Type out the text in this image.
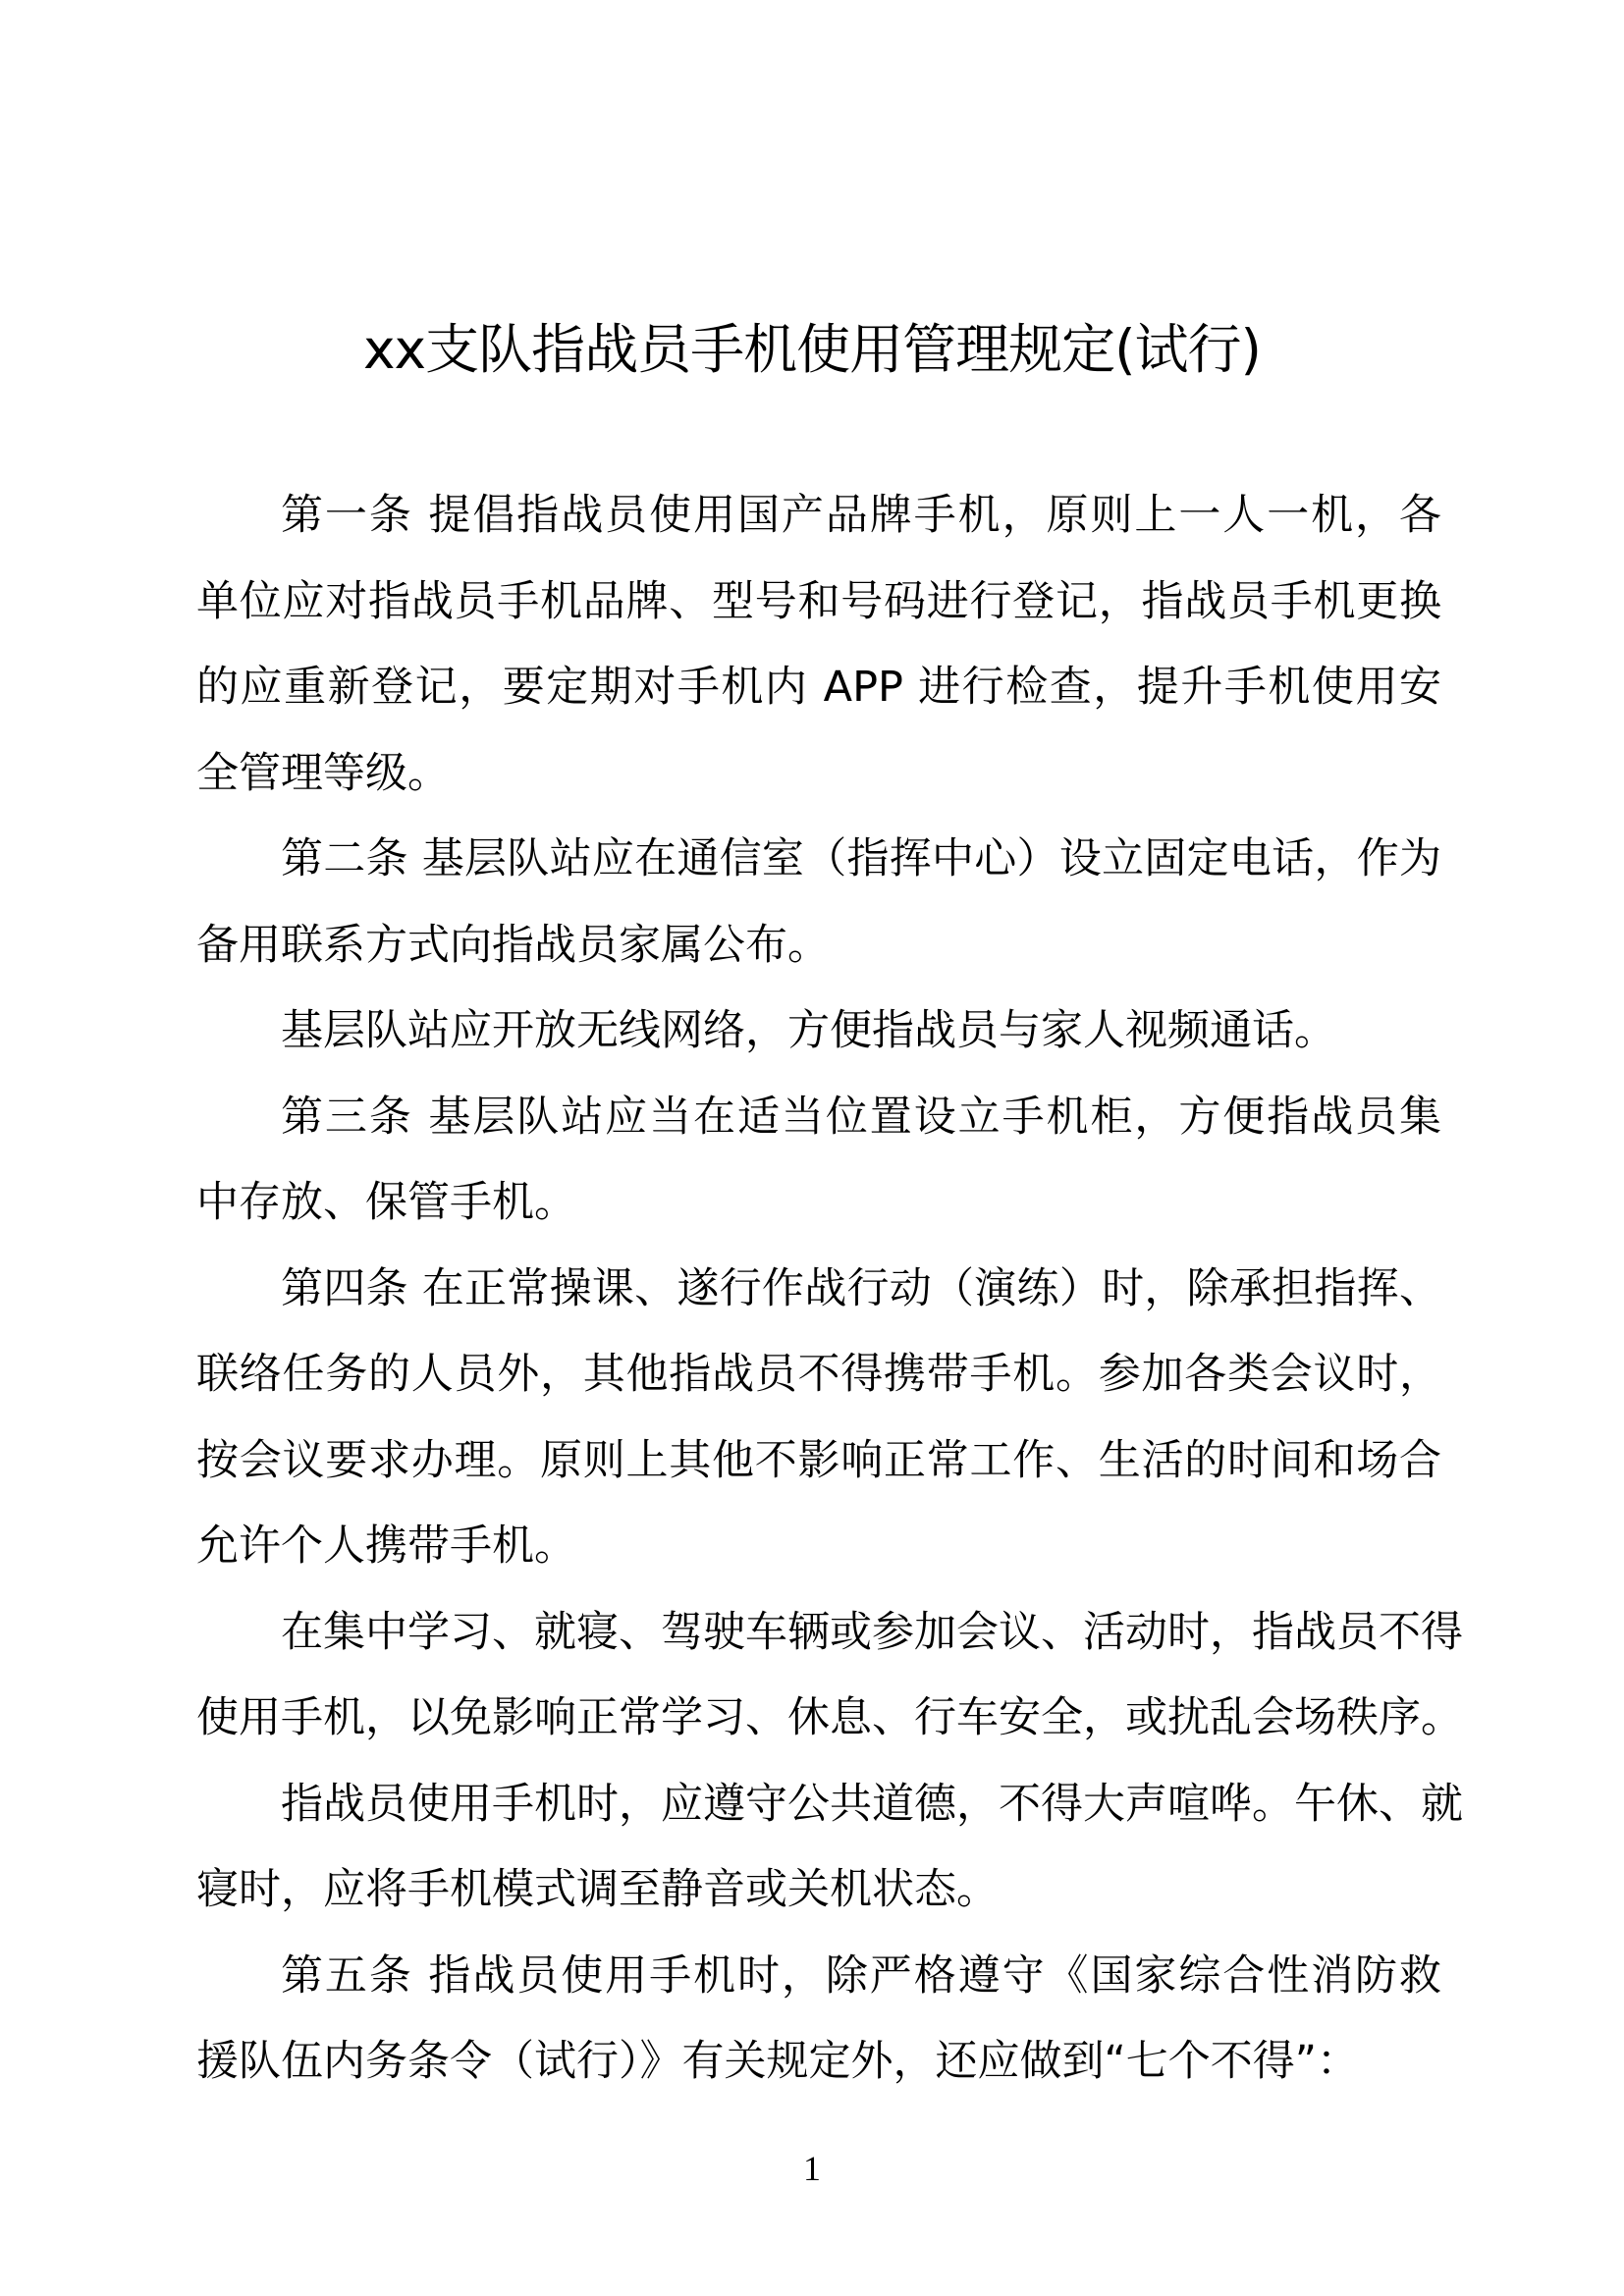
xx支队指战员手机使用管理规定(试行)
第一条 提倡指战员使用国产品牌手机，原则上一人一机，各
单位应对指战员手机品牌、型号和号码进行登记，指战员手机更换
的应重新登记，要定期对手机内 APP 进行检查，提升手机使用安
全管理等级。
第二条 基层队站应在通信室（指挥中心）设立固定电话，作为
备用联系方式向指战员家属公布。
基层队站应开放无线网络，方便指战员与家人视频通话。
第三条 基层队站应当在适当位置设立手机柜，方便指战员集
中存放、保管手机。
第四条 在正常操课、遂行作战行动（演练）时，除承担指挥、
联络任务的人员外，其他指战员不得携带手机。参加各类会议时，
按会议要求办理。原则上其他不影响正常工作、生活的时间和场合
允许个人携带手机。
在集中学习、就寝、驾驶车辆或参加会议、活动时，指战员不得
使用手机，以免影响正常学习、休息、行车安全，或扰乱会场秩序。
指战员使用手机时，应遵守公共道德，不得大声喧哗。午休、就
寝时，应将手机模式调至静音或关机状态。
第五条 指战员使用手机时，除严格遵守《国家综合性消防救
援队伍内务条令（试行）》有关规定外，还应做到“七个不得”：
1
